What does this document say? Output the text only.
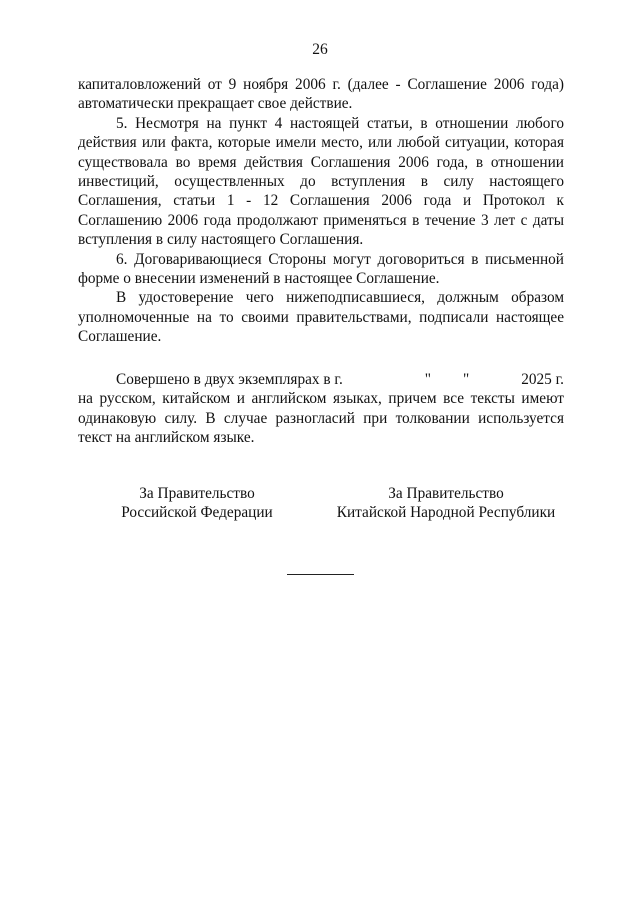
26

капиталовложений от 9 ноября 2006 г. (далее - Соглашение 2006 года) автоматически прекращает свое действие.

5. Несмотря на пункт 4 настоящей статьи, в отношении любого действия или факта, которые имели место, или любой ситуации, которая существовала во время действия Соглашения 2006 года, в отношении инвестиций, осуществленных до вступления в силу настоящего Соглашения, статьи 1 - 12 Соглашения 2006 года и Протокол к Соглашению 2006 года продолжают применяться в течение 3 лет с даты вступления в силу настоящего Соглашения.

6. Договаривающиеся Стороны могут договориться в письменной форме о внесении изменений в настоящее Соглашение.

В удостоверение чего нижеподписавшиеся, должным образом уполномоченные на то своими правительствами, подписали настоящее Соглашение.

Совершено в двух экземплярах в г.	" "	2025 г.

на русском, китайском и английском языках, причем все тексты имеют одинаковую силу. В случае разногласий при толковании используется текст на английском языке.

За Правительство
Российской Федерации
За Правительство
Китайской Народной Республики
